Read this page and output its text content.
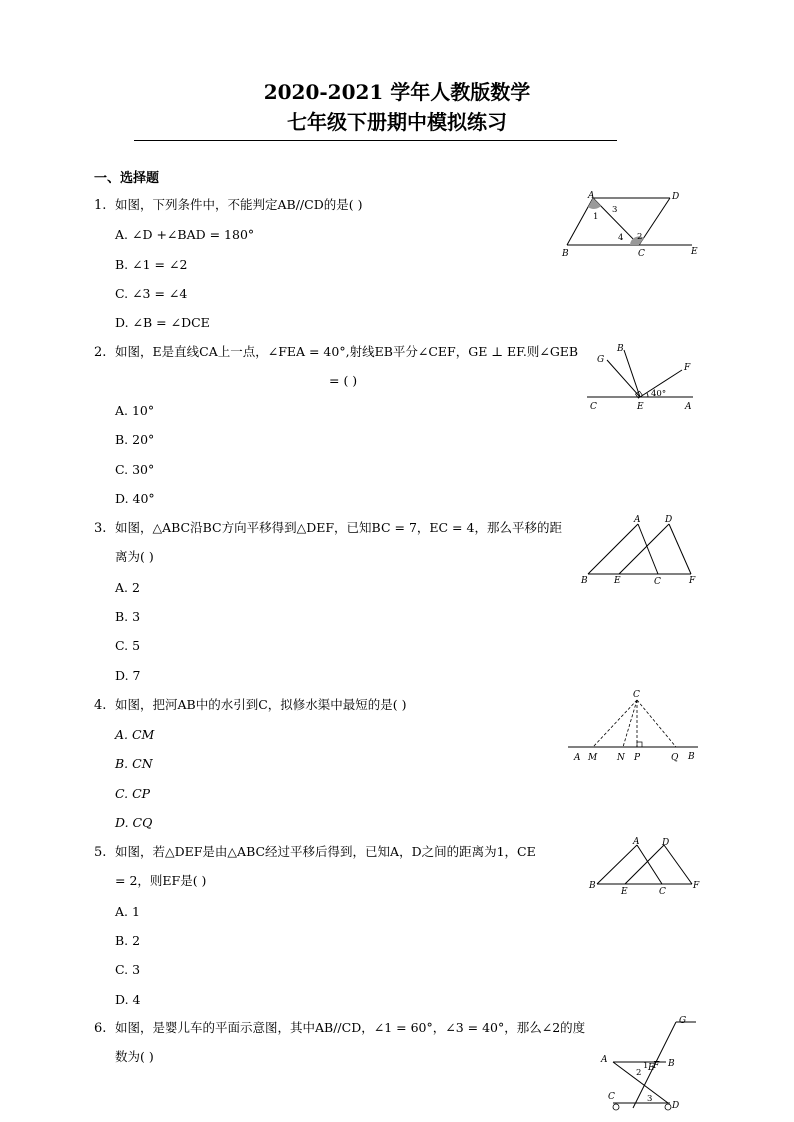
2020-2021 学年人教版数学
七年级下册期中模拟练习
一、选择题
1. 如图，下列条件中，不能判定AB//CD的是( )
A. ∠D +∠BAD = 180°
B. ∠1 = ∠2
C. ∠3 = ∠4
D. ∠B = ∠DCE
A	D
B	C	E
1
2
3
4
2. 如图，E是直线CA上一点，∠FEA = 40°,射线EB平分∠CEF，GE ⊥ EF.则∠GEB
= ( )
A. 10°
B. 20°
C. 30°
D. 40°
G
B
F
C	E	A
40°
3. 如图，△ABC沿BC方向平移得到△DEF，已知BC = 7，EC = 4，那么平移的距
离为( )
A. 2
B. 3
C. 5
D. 7
A	D
B	E	C	F
4. 如图，把河AB中的水引到C，拟修水渠中最短的是( )
A. CM
B. CN
C. CP
D. CQ
C
A M N P	Q B
5. 如图，若△DEF是由△ABC经过平移后得到，已知A，D之间的距离为1，CE
= 2，则EF是( )
A. 1
B. 2
C. 3
D. 4
A	D
B
E	C
F
6. 如图，是婴儿车的平面示意图，其中AB//CD，∠1 = 60°，∠3 = 40°，那么∠2的度
数为( )
G
A	B
F
E
C
D
1
2
3
